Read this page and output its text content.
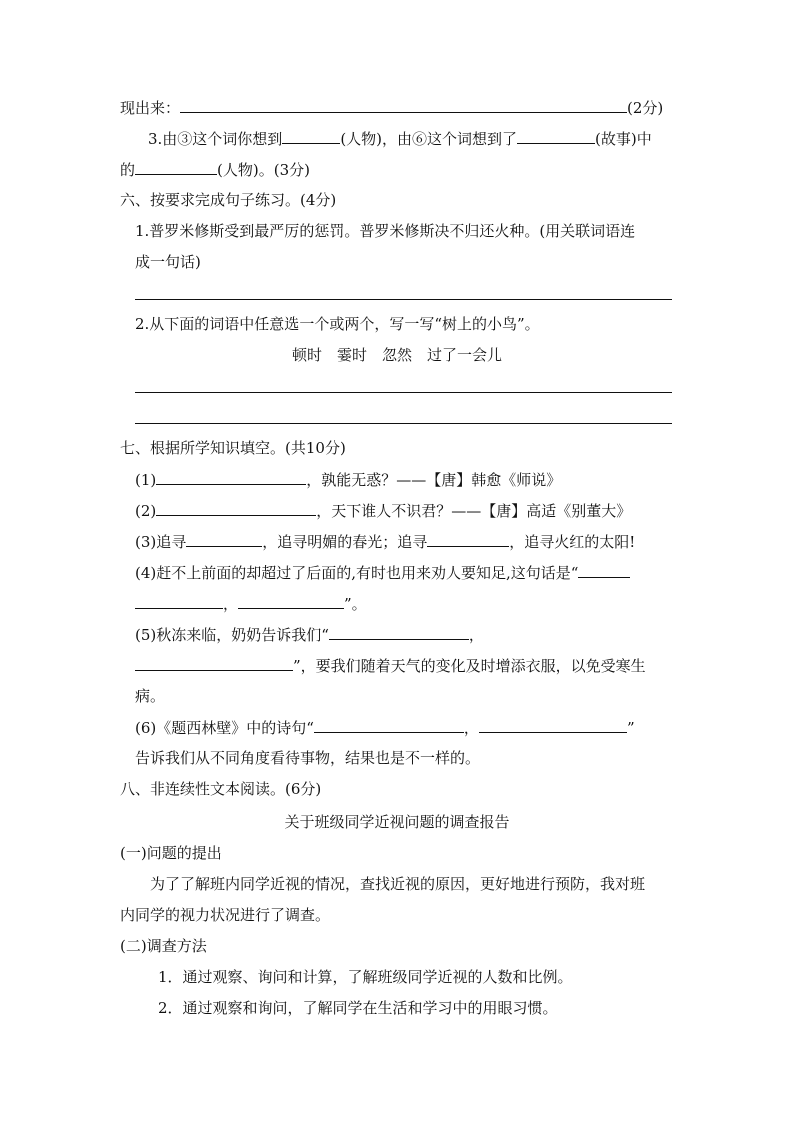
现出来：	(2分)
3.由③这个词你想到	(人物)，由⑥这个词想到了	(故事)中
的	(人物)。(3分)
六、按要求完成句子练习。(4分)
1.普罗米修斯受到最严厉的惩罚。普罗米修斯决不归还火种。(用关联词语连
成一句话)
2.从下面的词语中任意选一个或两个，写一写“树上的小鸟”。
顿时　霎时　忽然　过了一会儿
七、根据所学知识填空。(共10分)
(1)	，孰能无惑？——【唐】韩愈《师说》
(2)	，天下谁人不识君？——【唐】高适《别董大》
(3)追寻	，追寻明媚的春光；追寻	，追寻火红的太阳!
(4)赶不上前面的却超过了后面的,有时也用来劝人要知足,这句话是“
，	”。
(5)秋冻来临，奶奶告诉我们“	，
”，要我们随着天气的变化及时增添衣服，以免受寒生
病。
(6)《题西林壁》中的诗句“	，	”
告诉我们从不同角度看待事物，结果也是不一样的。
八、非连续性文本阅读。(6分)
关于班级同学近视问题的调查报告
(一)问题的提出
为了了解班内同学近视的情况，查找近视的原因，更好地进行预防，我对班
内同学的视力状况进行了调查。
(二)调查方法
1．通过观察、询问和计算，了解班级同学近视的人数和比例。
2．通过观察和询问，了解同学在生活和学习中的用眼习惯。
